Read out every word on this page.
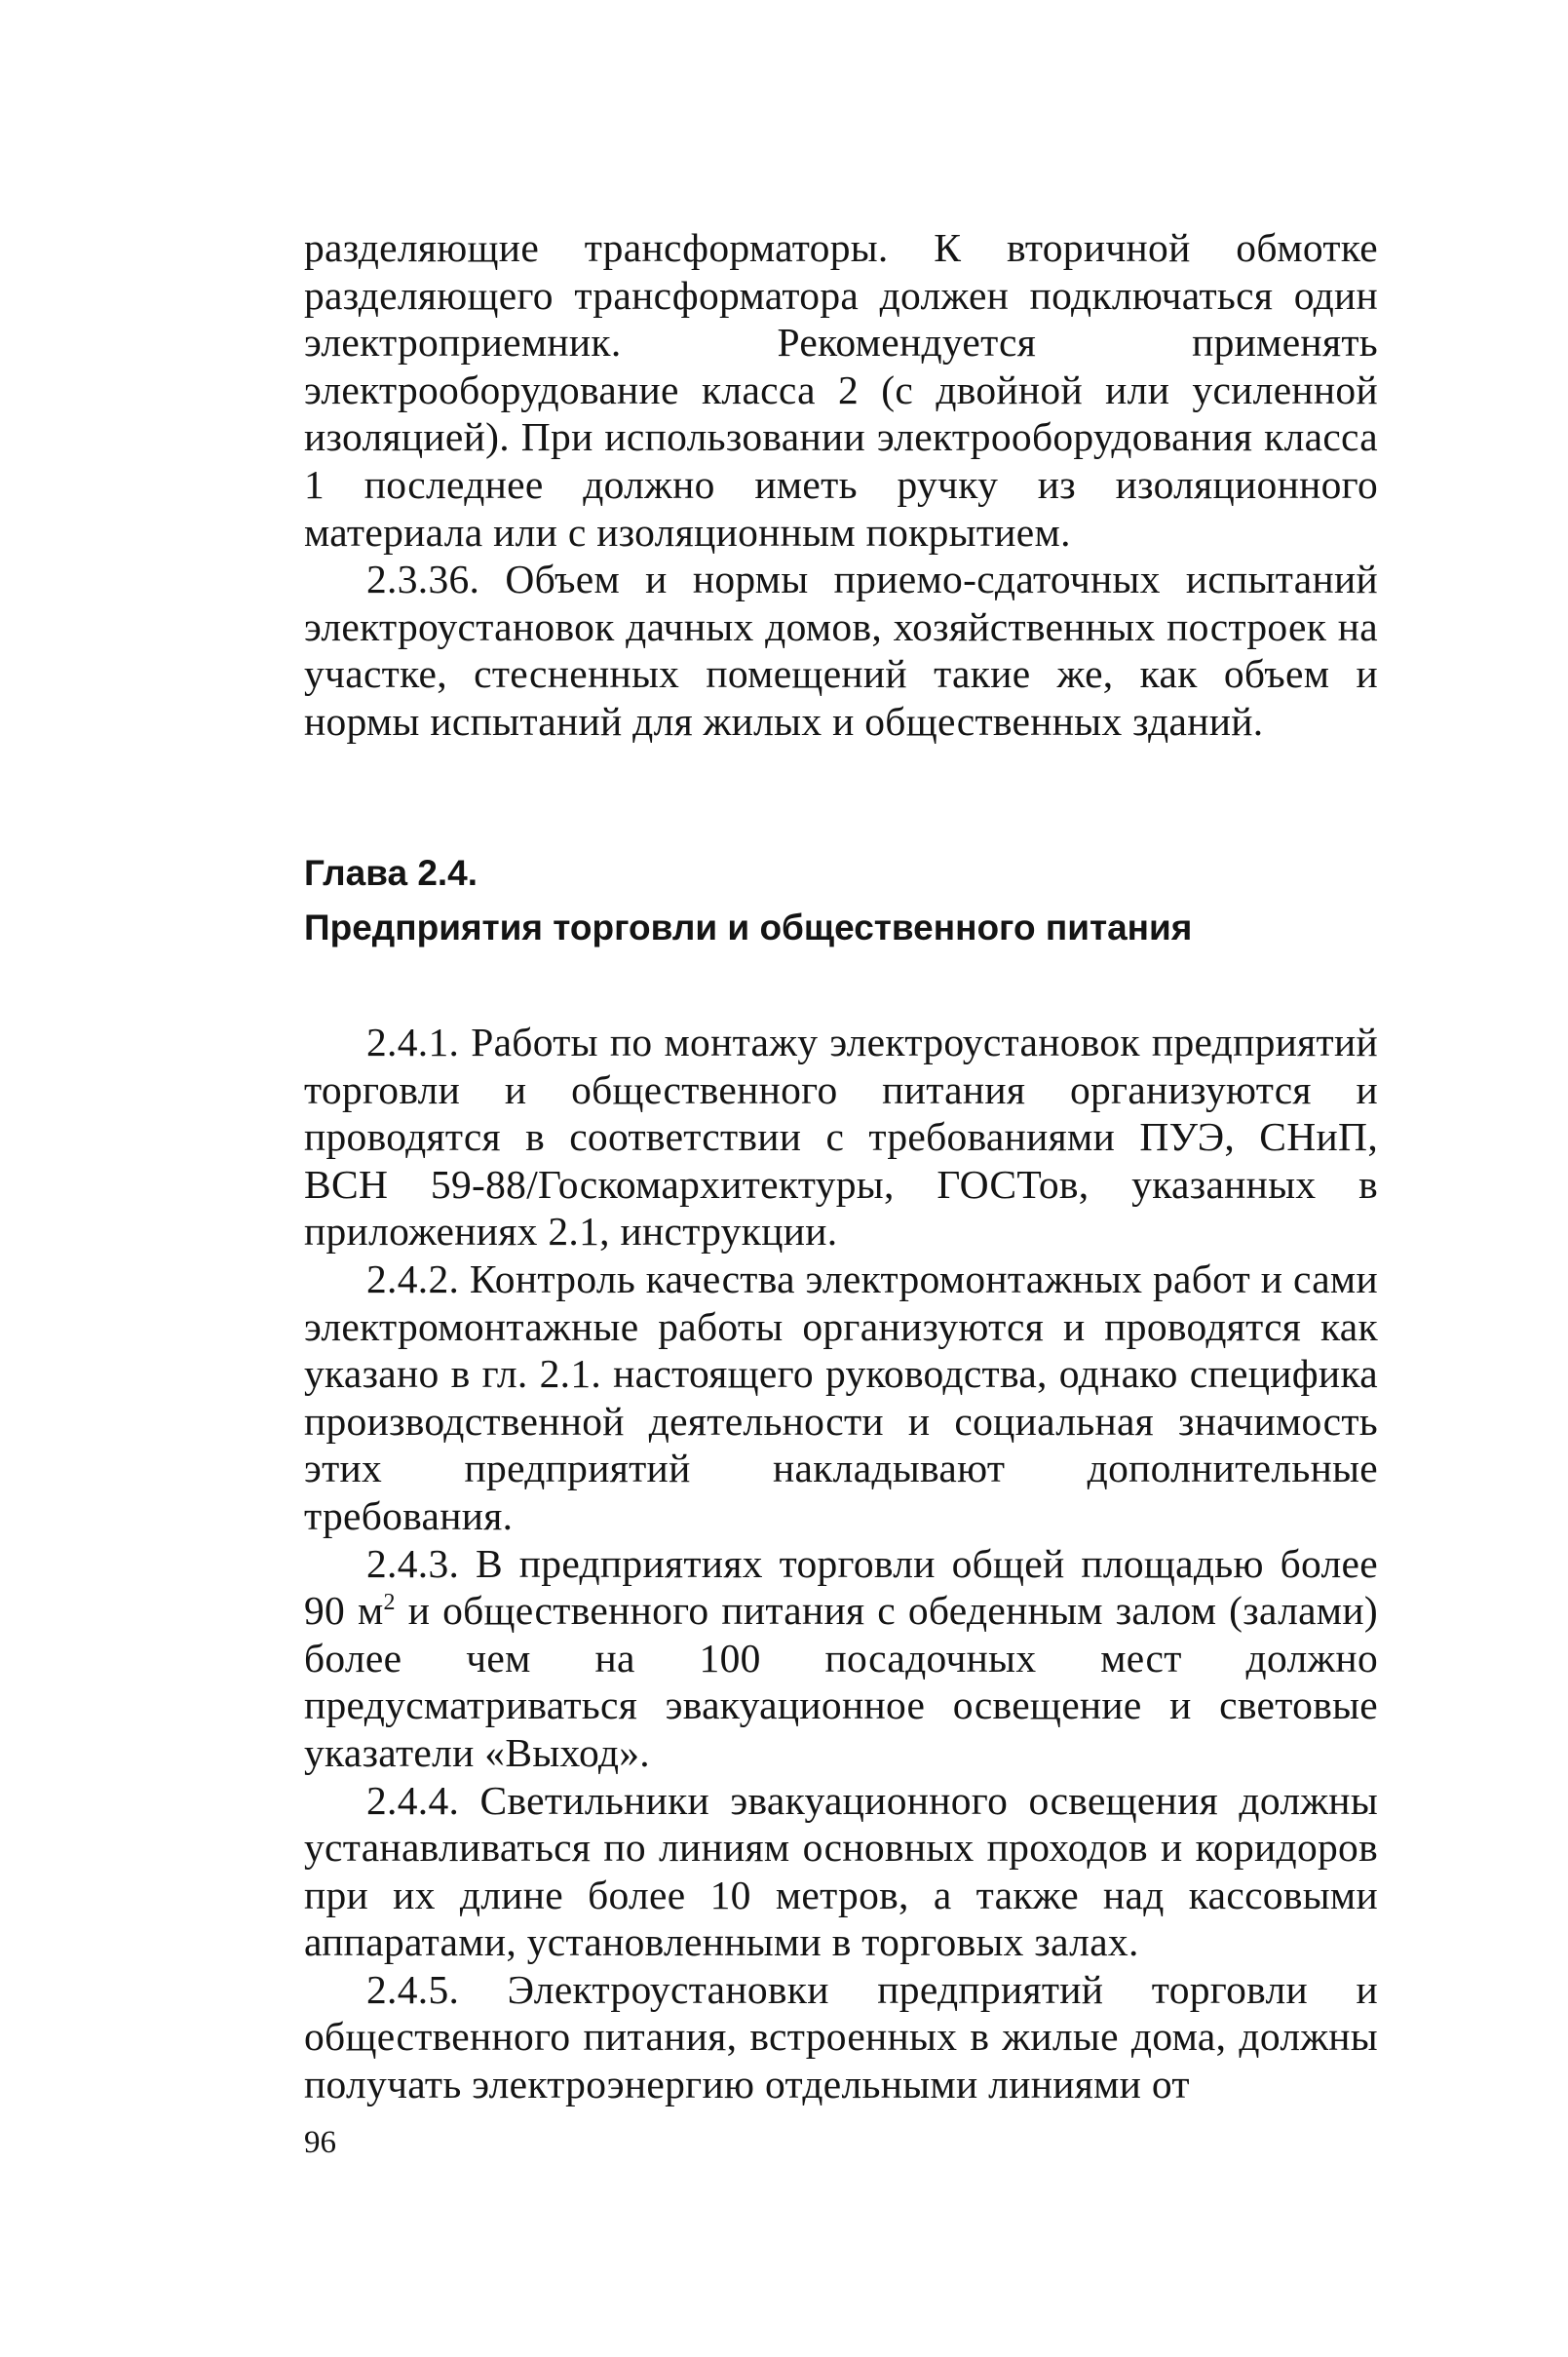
разделяющие трансформаторы. К вторичной обмотке разделяющего трансформатора должен подключаться один электроприемник. Рекомендуется применять электрооборудование класса 2 (с двойной или усиленной изоляцией). При использовании электрооборудования класса 1 последнее должно иметь ручку из изоляционного материала или с изоляционным покрытием.

2.3.36. Объем и нормы приемо-сдаточных испытаний электроустановок дачных домов, хозяйственных построек на участке, стесненных помещений такие же, как объем и нормы испытаний для жилых и общественных зданий.

Глава 2.4.
Предприятия торговли и общественного питания

2.4.1. Работы по монтажу электроустановок предприятий торговли и общественного питания организуются и проводятся в соответствии с требованиями ПУЭ, СНиП, ВСН 59-88/Госкомархитектуры, ГОСТов, указанных в приложениях 2.1, инструкции.

2.4.2. Контроль качества электромонтажных работ и сами электромонтажные работы организуются и проводятся как указано в гл. 2.1. настоящего руководства, однако специфика производственной деятельности и социальная значимость этих предприятий накладывают дополнительные требования.

2.4.3. В предприятиях торговли общей площадью более 90 $м^2$ и общественного питания с обеденным залом (залами) более чем на 100 посадочных мест должно предусматриваться эвакуационное освещение и световые указатели «Выход».

2.4.4. Светильники эвакуационного освещения должны устанавливаться по линиям основных проходов и коридоров при их длине более 10 метров, а также над кассовыми аппаратами, установленными в торговых залах.

2.4.5. Электроустановки предприятий торговли и общественного питания, встроенных в жилые дома, должны получать электроэнергию отдельными линиями от

96
